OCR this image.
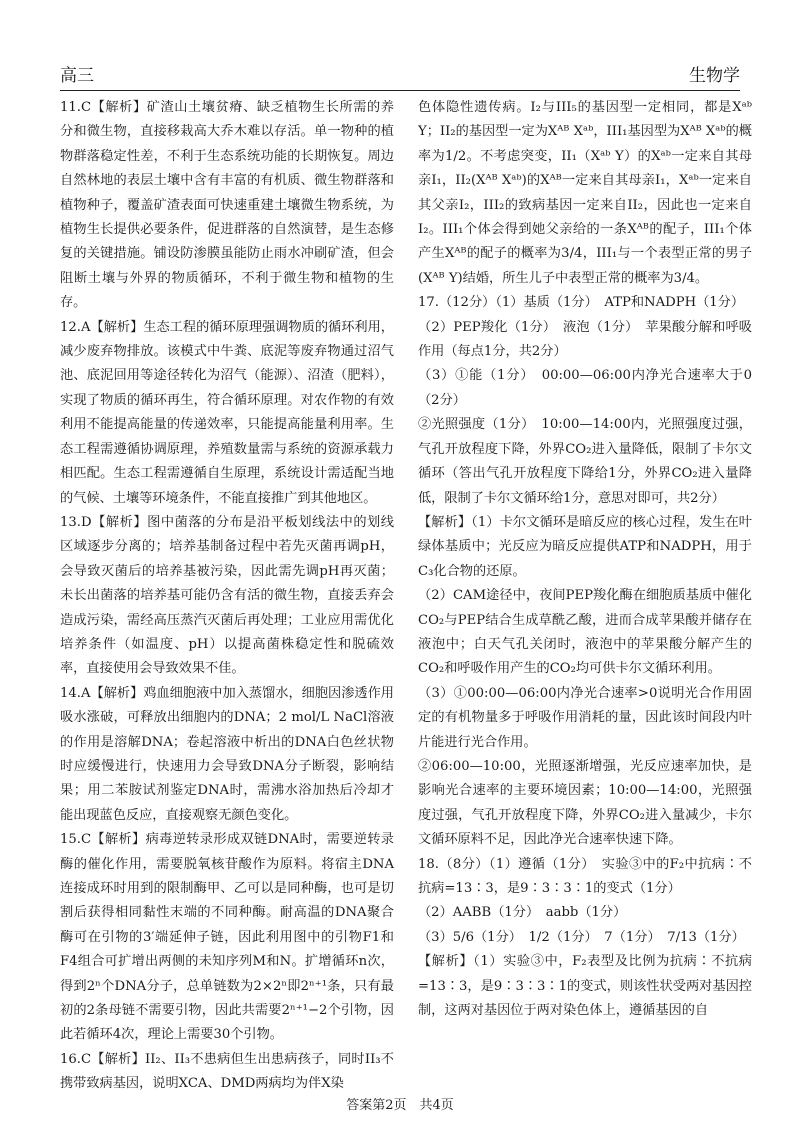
高三	生物学

11.C【解析】矿渣山土壤贫瘠、缺乏植物生长所需的养分和微生物，直接移栽高大乔木难以存活。单一物种的植物群落稳定性差，不利于生态系统功能的长期恢复。周边自然林地的表层土壤中含有丰富的有机质、微生物群落和植物种子，覆盖矿渣表面可快速重建土壤微生物系统，为植物生长提供必要条件，促进群落的自然演替，是生态修复的关键措施。铺设防渗膜虽能防止雨水冲刷矿渣，但会阻断土壤与外界的物质循环，不利于微生物和植物的生存。

12.A【解析】生态工程的循环原理强调物质的循环利用，减少废弃物排放。该模式中牛粪、底泥等废弃物通过沼气池、底泥回用等途径转化为沼气（能源）、沼渣（肥料），实现了物质的循环再生，符合循环原理。对农作物的有效利用不能提高能量的传递效率，只能提高能量利用率。生态工程需遵循协调原理，养殖数量需与系统的资源承载力相匹配。生态工程需遵循自生原理，系统设计需适配当地的气候、土壤等环境条件，不能直接推广到其他地区。

13.D【解析】图中菌落的分布是沿平板划线法中的划线区域逐步分离的；培养基制备过程中若先灭菌再调pH，会导致灭菌后的培养基被污染，因此需先调pH再灭菌；未长出菌落的培养基可能仍含有活的微生物，直接丢弃会造成污染，需经高压蒸汽灭菌后再处理；工业应用需优化培养条件（如温度、pH）以提高菌株稳定性和脱硫效率，直接使用会导致效果不佳。

14.A【解析】鸡血细胞液中加入蒸馏水，细胞因渗透作用吸水涨破，可释放出细胞内的DNA；2 mol/L NaCl溶液的作用是溶解DNA；卷起溶液中析出的DNA白色丝状物时应缓慢进行，快速用力会导致DNA分子断裂，影响结果；用二苯胺试剂鉴定DNA时，需沸水浴加热后冷却才能出现蓝色反应，直接观察无颜色变化。

15.C【解析】病毒逆转录形成双链DNA时，需要逆转录酶的催化作用，需要脱氧核苷酸作为原料。将宿主DNA连接成环时用到的限制酶甲、乙可以是同种酶，也可是切割后获得相同黏性末端的不同种酶。耐高温的DNA聚合酶可在引物的3′端延伸子链，因此利用图中的引物F1和F4组合可扩增出两侧的未知序列M和N。扩增循环n次，得到2ⁿ个DNA分子，总单链数为2×2ⁿ即2ⁿ⁺¹条，只有最初的2条母链不需要引物，因此共需要2ⁿ⁺¹−2个引物，因此若循环4次，理论上需要30个引物。

16.C【解析】II₂、II₃不患病但生出患病孩子，同时II₃不携带致病基因，说明XCA、DMD两病均为伴X染

色体隐性遗传病。I₂与III₅的基因型一定相同，都是Xᵃᵇ Y；II₂的基因型一定为Xᴬᴮ Xᵃᵇ，III₁基因型为Xᴬᴮ Xᵃᵇ的概率为1/2。不考虑突变，II₁（Xᵃᵇ Y）的Xᵃᵇ一定来自其母亲I₁，II₂(Xᴬᴮ Xᵃᵇ)的Xᴬᴮ一定来自其母亲I₁，Xᵃᵇ一定来自其父亲I₂，III₂的致病基因一定来自II₂，因此也一定来自I₂。III₁个体会得到她父亲给的一条Xᴬᴮ的配子，III₁个体产生Xᴬᴮ的配子的概率为3/4，III₁与一个表型正常的男子(Xᴬᴮ Y)结婚，所生儿子中表型正常的概率为3/4。

17.（12分）（1）基质（1分）　ATP和NADPH（1分）

（2）PEP羧化（1分）　液泡（1分）　苹果酸分解和呼吸作用（每点1分，共2分）

（3）①能（1分）　00:00—06:00内净光合速率大于0（2分）

②光照强度（1分）　10:00—14:00内，光照强度过强，气孔开放程度下降，外界CO₂进入量降低，限制了卡尔文循环（答出气孔开放程度下降给1分，外界CO₂进入量降低，限制了卡尔文循环给1分，意思对即可，共2分）

【解析】（1）卡尔文循环是暗反应的核心过程，发生在叶绿体基质中；光反应为暗反应提供ATP和NADPH，用于C₃化合物的还原。

（2）CAM途径中，夜间PEP羧化酶在细胞质基质中催化CO₂与PEP结合生成草酰乙酸，进而合成苹果酸并储存在液泡中；白天气孔关闭时，液泡中的苹果酸分解产生的CO₂和呼吸作用产生的CO₂均可供卡尔文循环利用。

（3）①00:00—06:00内净光合速率>0说明光合作用固定的有机物量多于呼吸作用消耗的量，因此该时间段内叶片能进行光合作用。

②06:00—10:00，光照逐渐增强，光反应速率加快，是影响光合速率的主要环境因素；10:00—14:00，光照强度过强，气孔开放程度下降，外界CO₂进入量减少，卡尔文循环原料不足，因此净光合速率快速下降。

18.（8分）（1）遵循（1分）　实验③中的F₂中抗病∶不抗病=13∶3，是9∶3∶3∶1的变式（1分）

（2）AABB（1分）　aabb（1分）

（3）5/6（1分）　1/2（1分）　7（1分）　7/13（1分）

【解析】（1）实验③中，F₂表型及比例为抗病∶不抗病=13∶3，是9∶3∶3∶1的变式，则该性状受两对基因控制，这两对基因位于两对染色体上，遵循基因的自

答案第2页　共4页
